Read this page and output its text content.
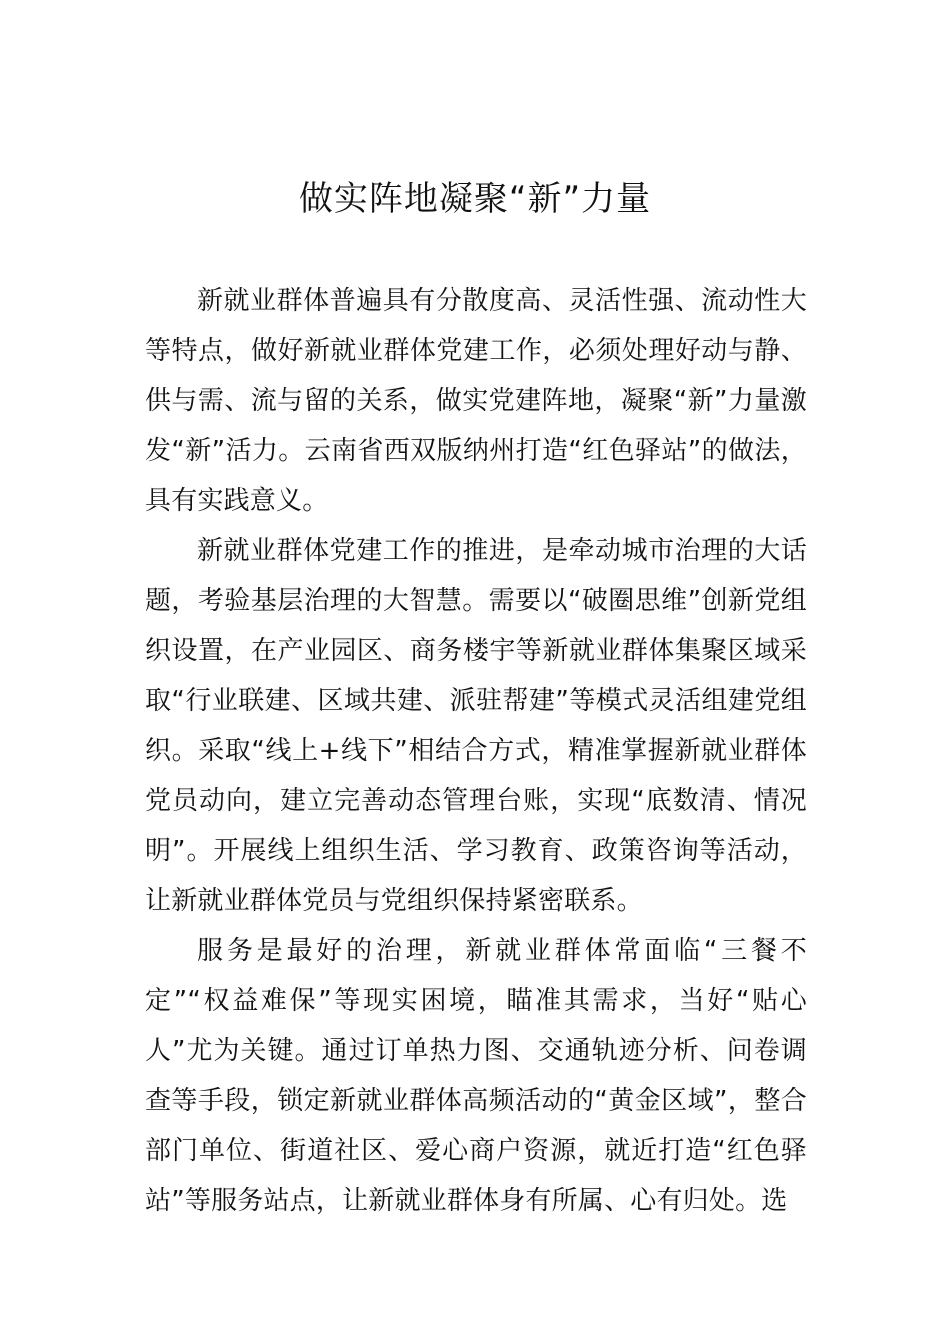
做实阵地凝聚“新”力量

新就业群体普遍具有分散度高、灵活性强、流动性大等特点，做好新就业群体党建工作，必须处理好动与静、供与需、流与留的关系，做实党建阵地，凝聚“新”力量激发“新”活力。云南省西双版纳州打造“红色驿站”的做法，具有实践意义。

新就业群体党建工作的推进，是牵动城市治理的大话题，考验基层治理的大智慧。需要以“破圈思维”创新党组织设置，在产业园区、商务楼宇等新就业群体集聚区域采取“行业联建、区域共建、派驻帮建”等模式灵活组建党组织。采取“线上+线下”相结合方式，精准掌握新就业群体党员动向，建立完善动态管理台账，实现“底数清、情况明”。开展线上组织生活、学习教育、政策咨询等活动，让新就业群体党员与党组织保持紧密联系。

服务是最好的治理，新就业群体常面临“三餐不定”“权益难保”等现实困境，瞄准其需求，当好“贴心人”尤为关键。通过订单热力图、交通轨迹分析、问卷调查等手段，锁定新就业群体高频活动的“黄金区域”，整合部门单位、街道社区、爱心商户资源，就近打造“红色驿站”等服务站点，让新就业群体身有所属、心有归处。选
